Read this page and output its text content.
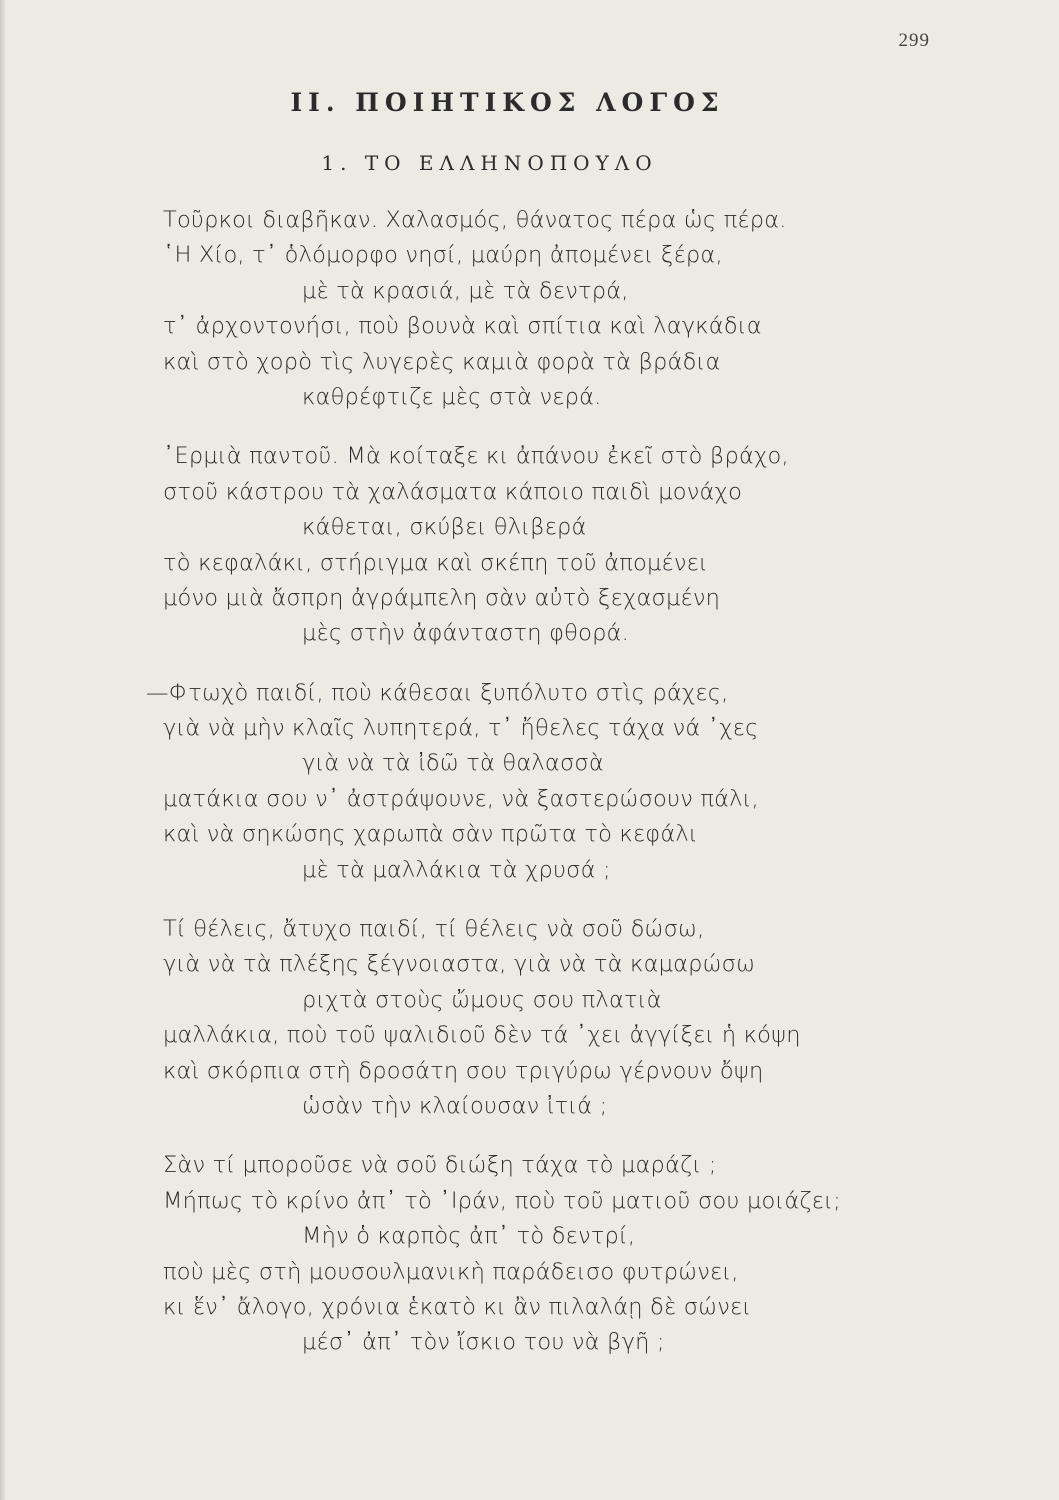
299
II. ΠΟΙΗΤΙΚΟΣ ΛΟΓΟΣ
1. ΤΟ ΕΛΛΗΝΟΠΟΥΛΟ
Τοῦρκοι διαβῆκαν. Χαλασμός, θάνατος πέρα ὡς πέρα.
῾Η Χίο, τ᾽ ὁλόμορφο νησί, μαύρη ἀπομένει ξέρα,
μὲ τὰ κρασιά, μὲ τὰ δεντρά,
τ᾽ ἀρχοντονήσι, ποὺ βουνὰ καὶ σπίτια καὶ λαγκάδια
καὶ στὸ χορὸ τὶς λυγερὲς καμιὰ φορὰ τὰ βράδια
καθρέφτιζε μὲς στὰ νερά.
᾿Ερμιὰ παντοῦ. Μὰ κοίταξε κι ἀπάνου ἐκεῖ στὸ βράχο,
στοῦ κάστρου τὰ χαλάσματα κάποιο παιδὶ μονάχο
κάθεται, σκύβει θλιβερά
τὸ κεφαλάκι, στήριγμα καὶ σκέπη τοῦ ἀπομένει
μόνο μιὰ ἄσπρη ἀγράμπελη σὰν αὐτὸ ξεχασμένη
μὲς στὴν ἀφάνταστη φθορά.
—Φτωχὸ παιδί, ποὺ κάθεσαι ξυπόλυτο στὶς ράχες,
γιὰ νὰ μὴν κλαῖς λυπητερά, τ᾽ ἤθελες τάχα νά ᾽χες
γιὰ νὰ τὰ ἰδῶ τὰ θαλασσὰ
ματάκια σου ν᾽ ἀστράψουνε, νὰ ξαστερώσουν πάλι,
καὶ νὰ σηκώσης χαρωπὰ σὰν πρῶτα τὸ κεφάλι
μὲ τὰ μαλλάκια τὰ χρυσά ;
Τί θέλεις, ἄτυχο παιδί, τί θέλεις νὰ σοῦ δώσω,
γιὰ νὰ τὰ πλέξης ξέγνοιαστα, γιὰ νὰ τὰ καμαρώσω
ριχτὰ στοὺς ὤμους σου πλατιὰ
μαλλάκια, ποὺ τοῦ ψαλιδιοῦ δὲν τά ᾽χει ἀγγίξει ἡ κόψη
καὶ σκόρπια στὴ δροσάτη σου τριγύρω γέρνουν ὄψη
ὡσὰν τὴν κλαίουσαν ἰτιά ;
Σὰν τί μποροῦσε νὰ σοῦ διώξη τάχα τὸ μαράζι ;
Μήπως τὸ κρίνο ἀπ᾽ τὸ ᾽Ιράν, ποὺ τοῦ ματιοῦ σου μοιάζει;
Μὴν ὁ καρπὸς ἀπ᾽ τὸ δεντρί,
ποὺ μὲς στὴ μουσουλμανικὴ παράδεισο φυτρώνει,
κι ἕν᾽ ἄλογο, χρόνια ἑκατὸ κι ἂν πιλαλάῃ δὲ σώνει
μέσ᾽ ἀπ᾽ τὸν ἴσκιο του νὰ βγῆ ;
